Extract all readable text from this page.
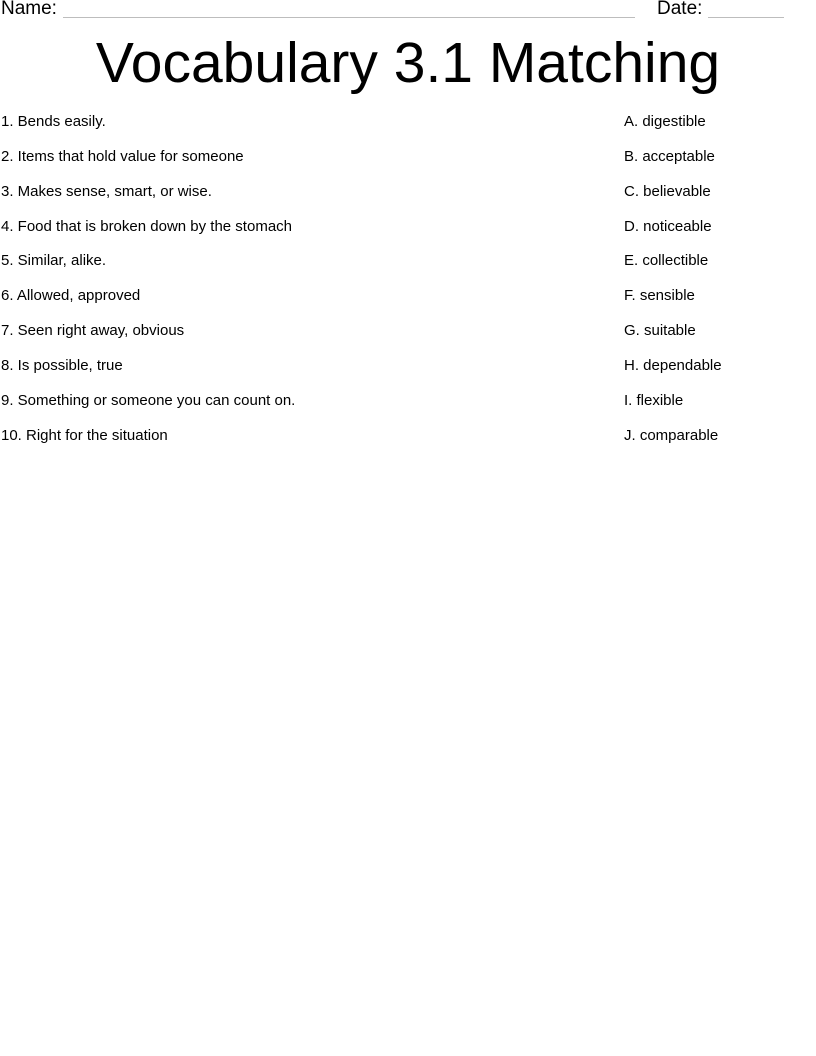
Name:	Date:
Vocabulary 3.1 Matching
1. Bends easily.
2. Items that hold value for someone
3. Makes sense, smart, or wise.
4. Food that is broken down by the stomach
5. Similar, alike.
6. Allowed, approved
7. Seen right away, obvious
8. Is possible, true
9. Something or someone you can count on.
10. Right for the situation
A. digestible
B. acceptable
C. believable
D. noticeable
E. collectible
F. sensible
G. suitable
H. dependable
I. flexible
J. comparable
